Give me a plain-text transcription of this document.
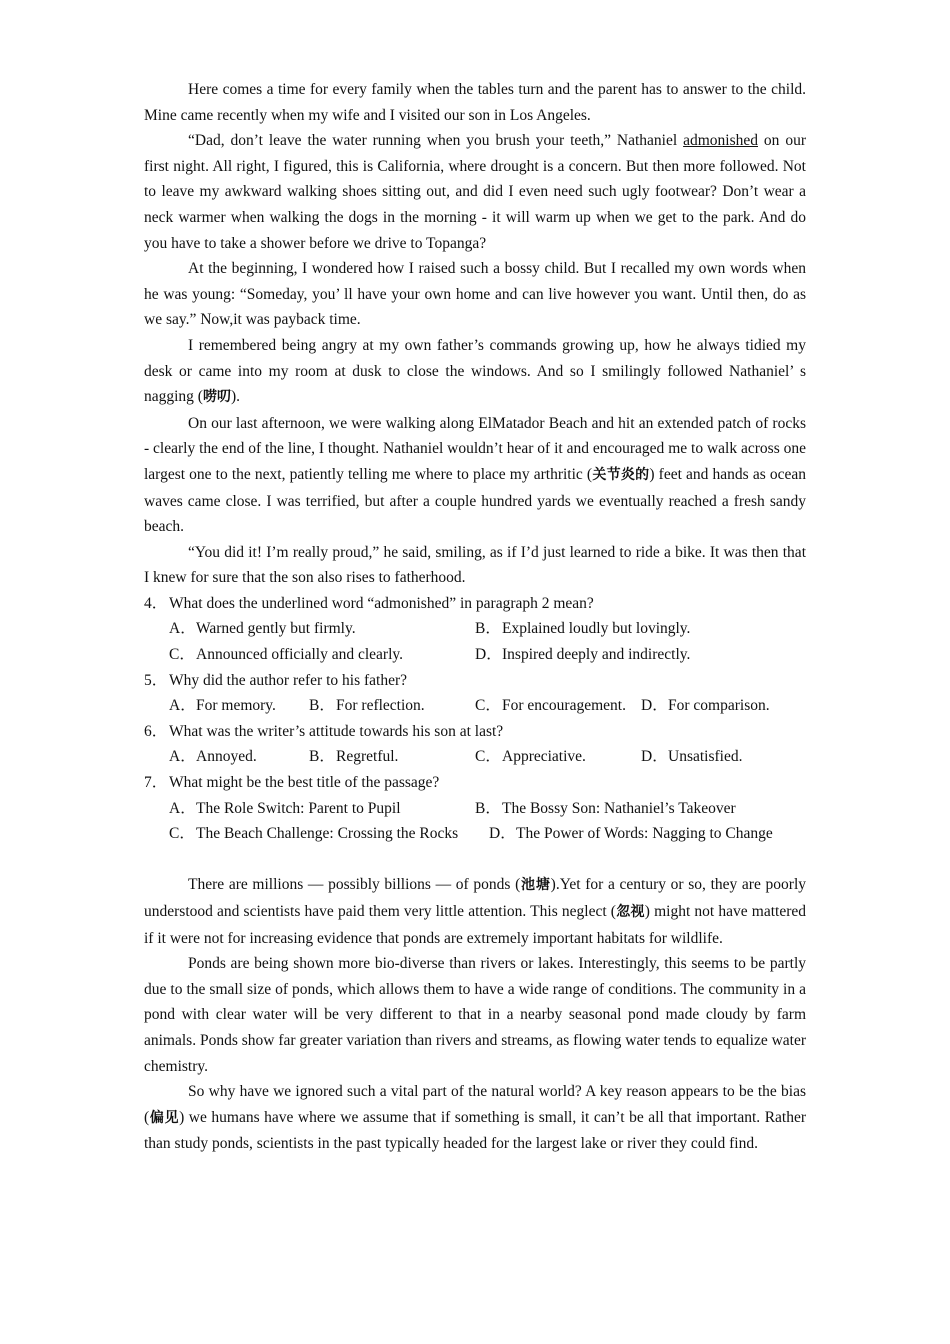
Here comes a time for every family when the tables turn and the parent has to answer to the child. Mine came recently when my wife and I visited our son in Los Angeles.

“Dad, don’t leave the water running when you brush your teeth,” Nathaniel admonished on our first night. All right, I figured, this is California, where drought is a concern. But then more followed. Not to leave my awkward walking shoes sitting out, and did I even need such ugly footwear? Don’t wear a neck warmer when walking the dogs in the morning - it will warm up when we get to the park. And do you have to take a shower before we drive to Topanga?

At the beginning, I wondered how I raised such a bossy child. But I recalled my own words when he was young: “Someday, you’ ll have your own home and can live however you want. Until then, do as we say.” Now,it was payback time.

I remembered being angry at my own father’s commands growing up, how he always tidied my desk or came into my room at dusk to close the windows. And so I smilingly followed Nathaniel’ s nagging (唠叨).

On our last afternoon, we were walking along ElMatador Beach and hit an extended patch of rocks - clearly the end of the line, I thought. Nathaniel wouldn’t hear of it and encouraged me to walk across one largest one to the next, patiently telling me where to place my arthritic (关节炎的) feet and hands as ocean waves came close. I was terrified, but after a couple hundred yards we eventually reached a fresh sandy beach.

“You did it! I’m really proud,” he said, smiling, as if I’d just learned to ride a bike. It was then that I knew for sure that the son also rises to fatherhood.

4． What does the underlined word “admonished” in paragraph 2 mean?
A． Warned gently but firmly.	B． Explained loudly but lovingly.
C． Announced officially and clearly.	D． Inspired deeply and indirectly.
5． Why did the author refer to his father?
A． For memory. B． For reflection.	C． For encouragement. D． For comparison.
6． What was the writer’s attitude towards his son at last?
A． Annoyed.	B． Regretful.	C． Appreciative.	D． Unsatisfied.
7． What might be the best title of the passage?
A． The Role Switch: Parent to Pupil	B． The Bossy Son: Nathaniel’s Takeover
C． The Beach Challenge: Crossing the Rocks D． The Power of Words: Nagging to Change

There are millions — possibly billions — of ponds (池塘).Yet for a century or so, they are poorly understood and scientists have paid them very little attention. This neglect (忽视) might not have mattered if it were not for increasing evidence that ponds are extremely important habitats for wildlife.

Ponds are being shown more bio-diverse than rivers or lakes. Interestingly, this seems to be partly due to the small size of ponds, which allows them to have a wide range of conditions. The community in a pond with clear water will be very different to that in a nearby seasonal pond made cloudy by farm animals. Ponds show far greater variation than rivers and streams, as flowing water tends to equalize water chemistry.

So why have we ignored such a vital part of the natural world? A key reason appears to be the bias (偏见) we humans have where we assume that if something is small, it can’t be all that important. Rather than study ponds, scientists in the past typically headed for the largest lake or river they could find.
